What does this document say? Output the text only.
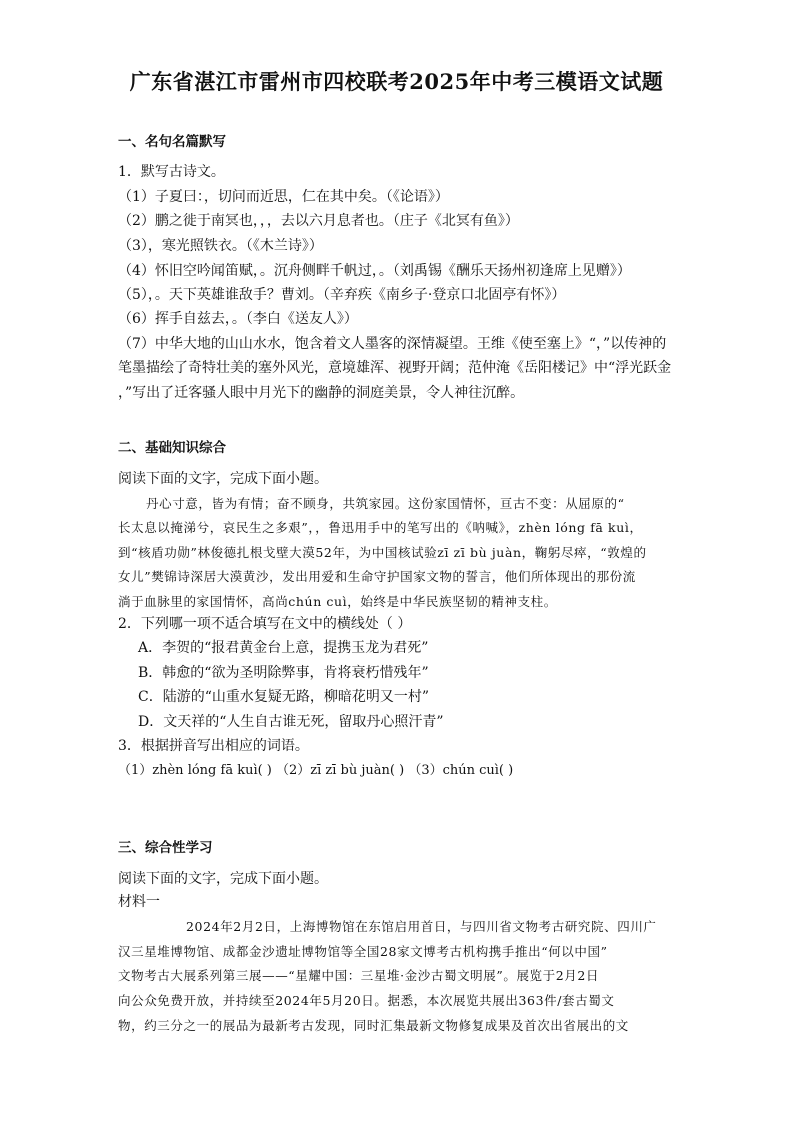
广东省湛江市雷州市四校联考2025年中考三模语文试题
一、名句名篇默写
1．默写古诗文。
（1）子夏曰：，切问而近思，仁在其中矣。（《论语》）
（2）鹏之徙于南冥也，，，去以六月息者也。（庄子《北冥有鱼》）
（3），寒光照铁衣。（《木兰诗》）
（4）怀旧空吟闻笛赋，。沉舟侧畔千帆过，。（刘禹锡《酬乐天扬州初逢席上见赠》）
（5），。天下英雄谁敌手？曹刘。（辛弃疾《南乡子·登京口北固亭有怀》）
（6）挥手自兹去，。（李白《送友人》）
（7）中华大地的山山水水，饱含着文人墨客的深情凝望。王维《使至塞上》“，”以传神的
笔墨描绘了奇特壮美的塞外风光，意境雄浑、视野开阔；范仲淹《岳阳楼记》中“浮光跃金
，”写出了迁客骚人眼中月光下的幽静的洞庭美景，令人神往沉醉。
二、基础知识综合
阅读下面的文字，完成下面小题。
丹心寸意，皆为有情；奋不顾身，共筑家园。这份家国情怀，亘古不变：从屈原的“
长太息以掩涕兮，哀民生之多艰”，，鲁迅用手中的笔写出的《呐喊》，zhèn lóng fā kuì，
到“核盾功勋”林俊德扎根戈壁大漠52年，为中国核试验zī zī bù juàn，鞠躬尽瘁，“敦煌的
女儿”樊锦诗深居大漠黄沙，发出用爱和生命守护国家文物的誓言，他们所体现出的那份流
淌于血脉里的家国情怀，高尚chún cuì，始终是中华民族坚韧的精神支柱。
2．下列哪一项不适合填写在文中的横线处（ ）
A．李贺的“报君黄金台上意，提携玉龙为君死”
B．韩愈的“欲为圣明除弊事，肯将衰朽惜残年”
C．陆游的“山重水复疑无路，柳暗花明又一村”
D．文天祥的“人生自古谁无死，留取丹心照汗青”
3．根据拼音写出相应的词语。
（1）zhèn lóng fā kuì( ) （2）zī zī bù juàn( ) （3）chún cuì( )
三、综合性学习
阅读下面的文字，完成下面小题。
材料一
2024年2月2日，上海博物馆在东馆启用首日，与四川省文物考古研究院、四川广
汉三星堆博物馆、成都金沙遗址博物馆等全国28家文博考古机构携手推出“何以中国”
文物考古大展系列第三展——“星耀中国：三星堆·金沙古蜀文明展”。展览于2月2日
向公众免费开放，并持续至2024年5月20日。据悉，本次展览共展出363件/套古蜀文
物，约三分之一的展品为最新考古发现，同时汇集最新文物修复成果及首次出省展出的文
